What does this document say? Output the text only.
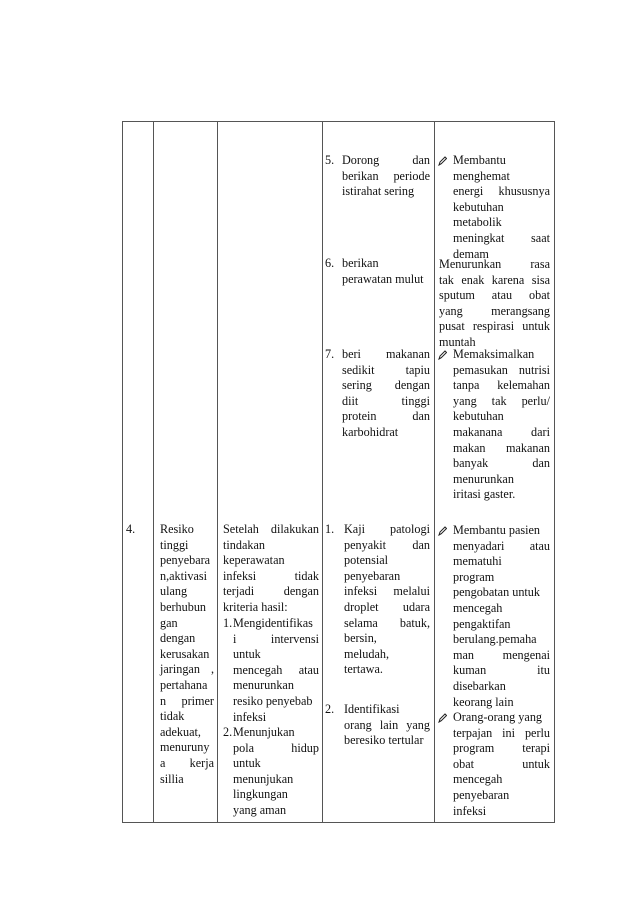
5. Dorong dan
berikan periode
istirahat sering
6. berikan
perawatan mulut
7. beri makanan
sedikit tapiu
sering dengan
diit tinggi
protein dan
karbohidrat
Membantu
menghemat
energi khususnya
kebutuhan
metabolik
meningkat saat
demam
Menurunkan rasa
tak enak karena sisa
sputum atau obat
yang merangsang
pusat respirasi untuk
muntah
Memaksimalkan
pemasukan nutrisi
tanpa kelemahan
yang tak perlu/
kebutuhan
makanana dari
makan makanan
banyak dan
menurunkan
iritasi gaster.
4. Resiko
tinggi
penyebara
n,aktivasi
ulang
berhubun
gan
dengan
kerusakan
jaringan ,
pertahana
n primer
tidak
adekuat,
menuruny
a kerja
sillia
Setelah dilakukan
tindakan
keperawatan
infeksi tidak
terjadi dengan
kriteria hasil:
1. Mengidentifikas
i intervensi
untuk
mencegah atau
menurunkan
resiko penyebab
infeksi
2. Menunjukan
pola hidup
untuk
menunjukan
lingkungan
yang aman
1. Kaji patologi
penyakit dan
potensial
penyebaran
infeksi melalui
droplet udara
selama batuk,
bersin,
meludah,
tertawa.
2. Identifikasi
orang lain yang
beresiko tertular
Membantu pasien
menyadari atau
mematuhi
program
pengobatan untuk
mencegah
pengaktifan
berulang.pemaha
man mengenai
kuman itu
disebarkan
keorang lain
Orang-orang yang
terpajan ini perlu
program terapi
obat untuk
mencegah
penyebaran
infeksi
